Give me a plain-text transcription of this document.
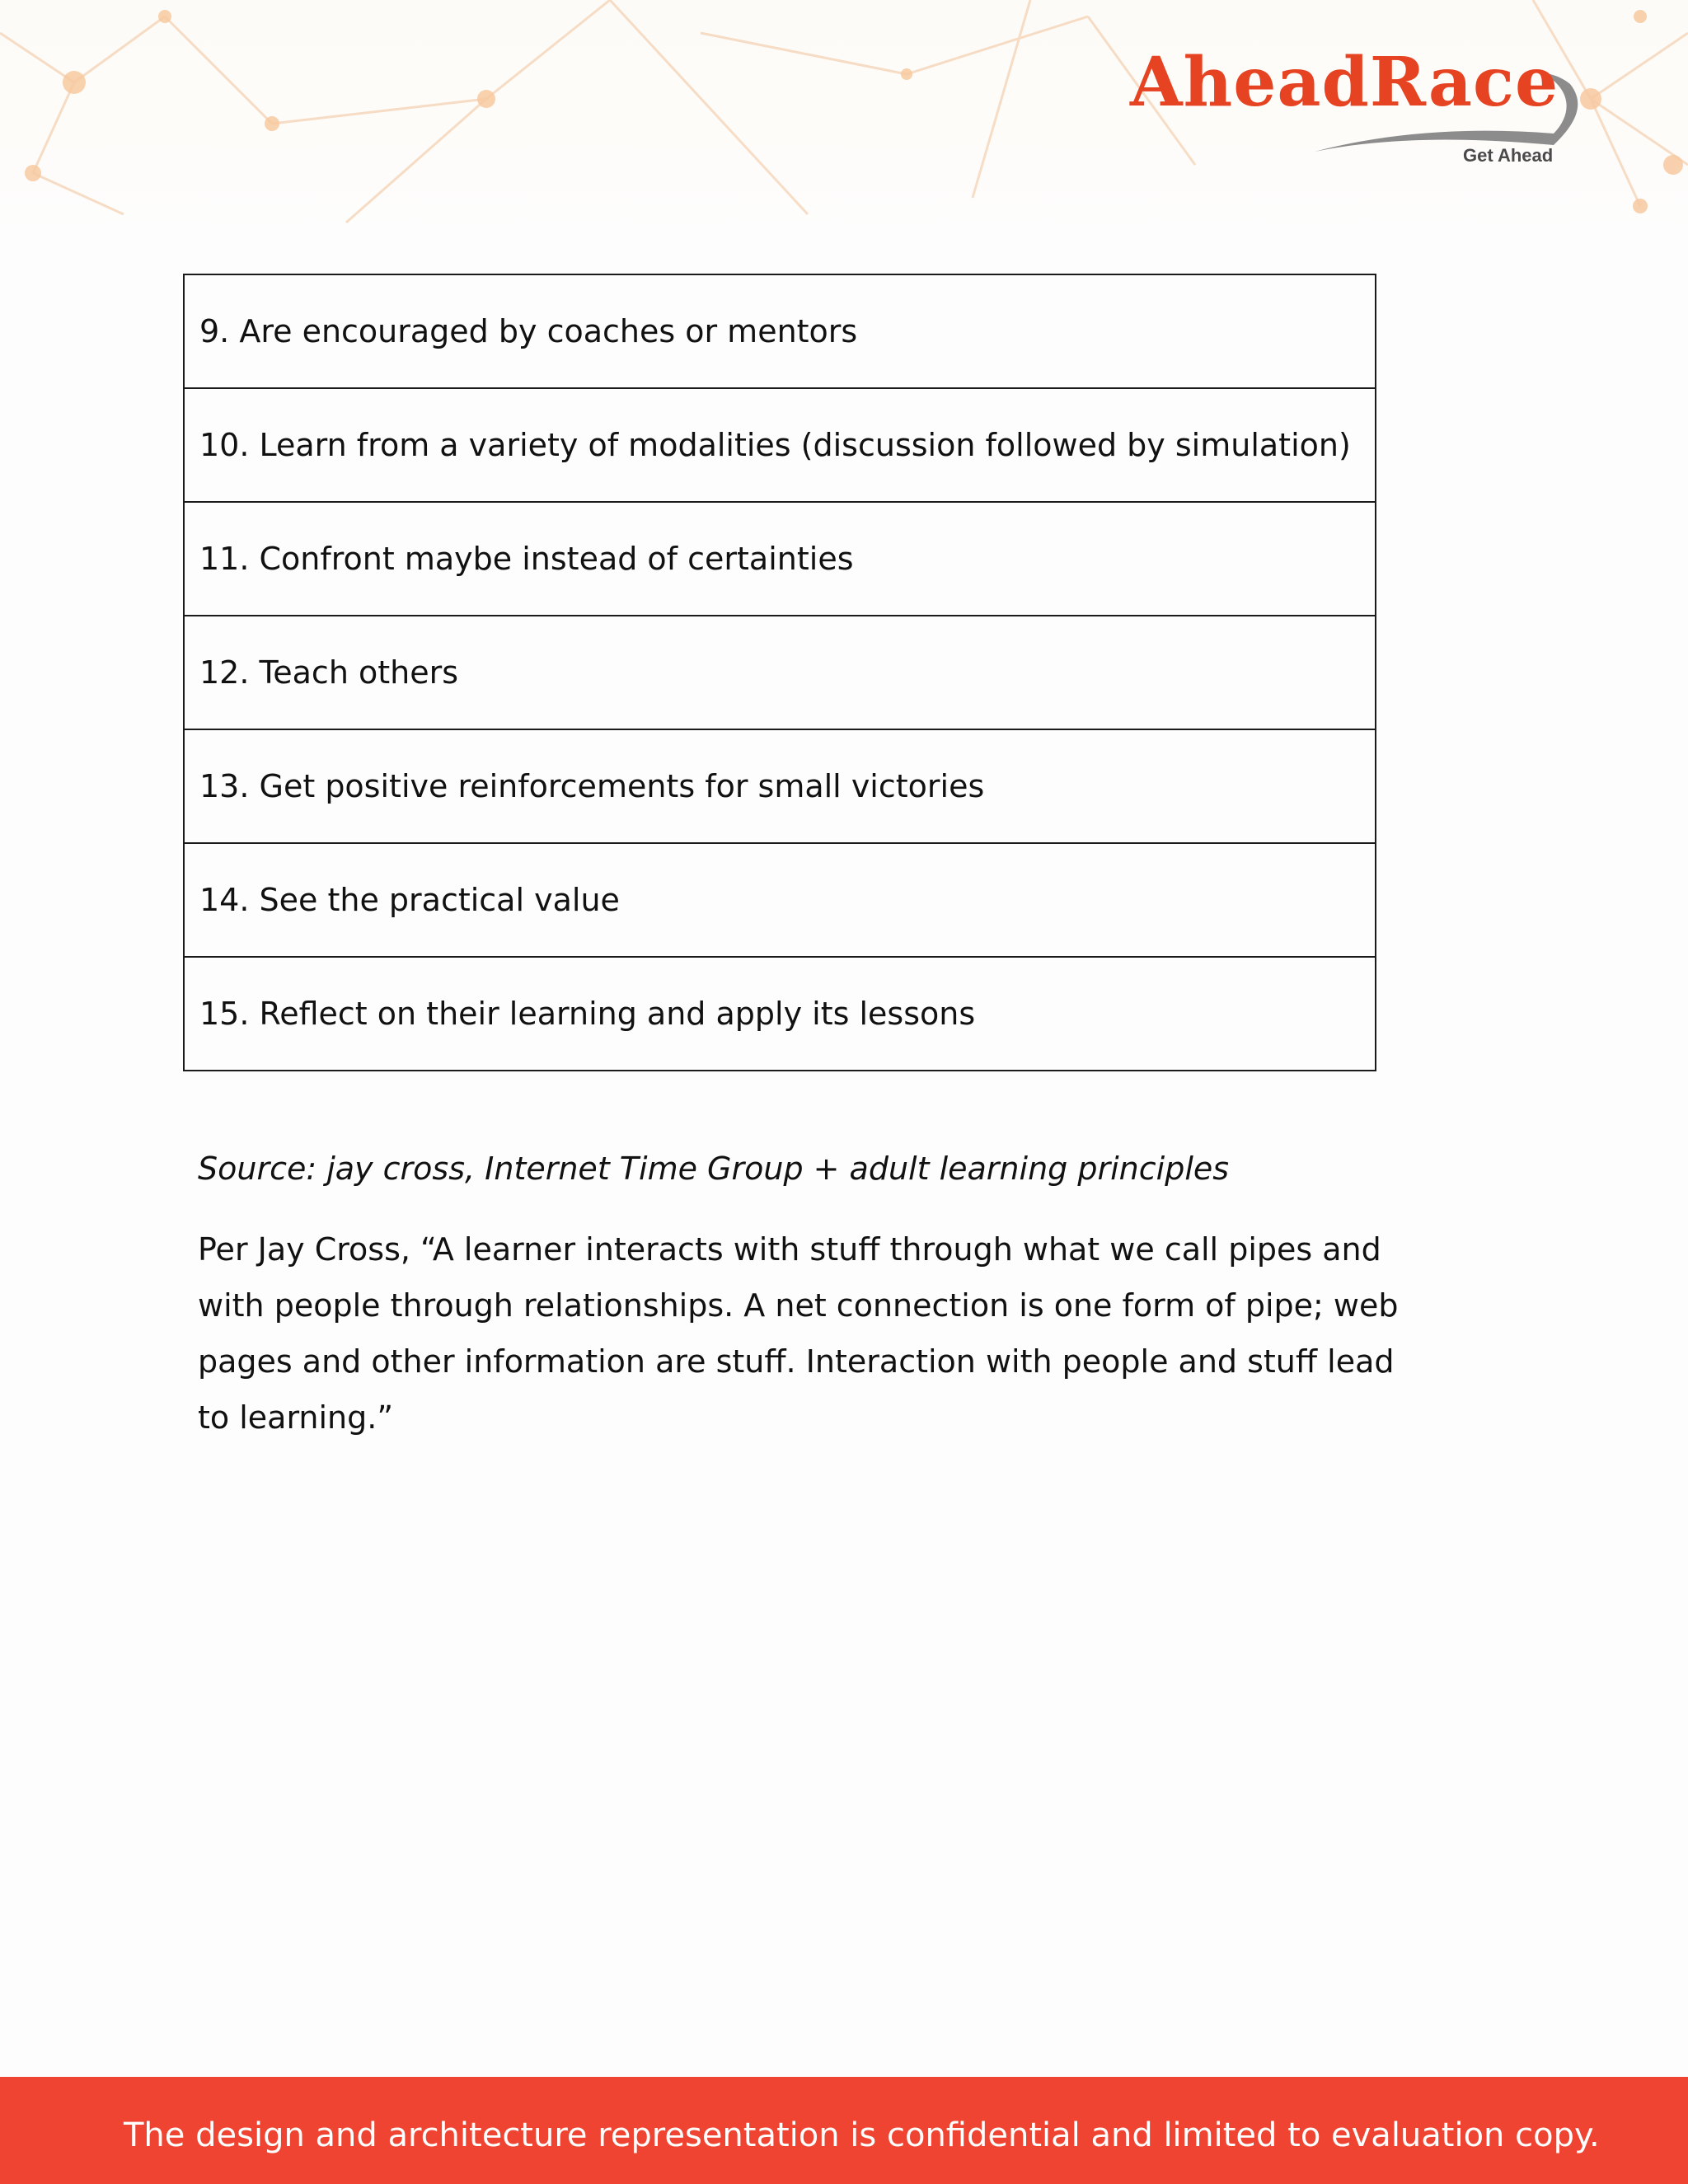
AheadRace
Get Ahead
9. Are encouraged by coaches or mentors
10. Learn from a variety of modalities (discussion followed by simulation)
11. Confront maybe instead of certainties
12. Teach others
13. Get positive reinforcements for small victories
14. See the practical value
15. Reflect on their learning and apply its lessons

Source: jay cross, Internet Time Group + adult learning principles

Per Jay Cross, “A learner interacts with stuff through what we call pipes and with people through relationships. A net connection is one form of pipe; web pages and other information are stuff. Interaction with people and stuff lead to learning.”

The design and architecture representation is confidential and limited to evaluation copy.
